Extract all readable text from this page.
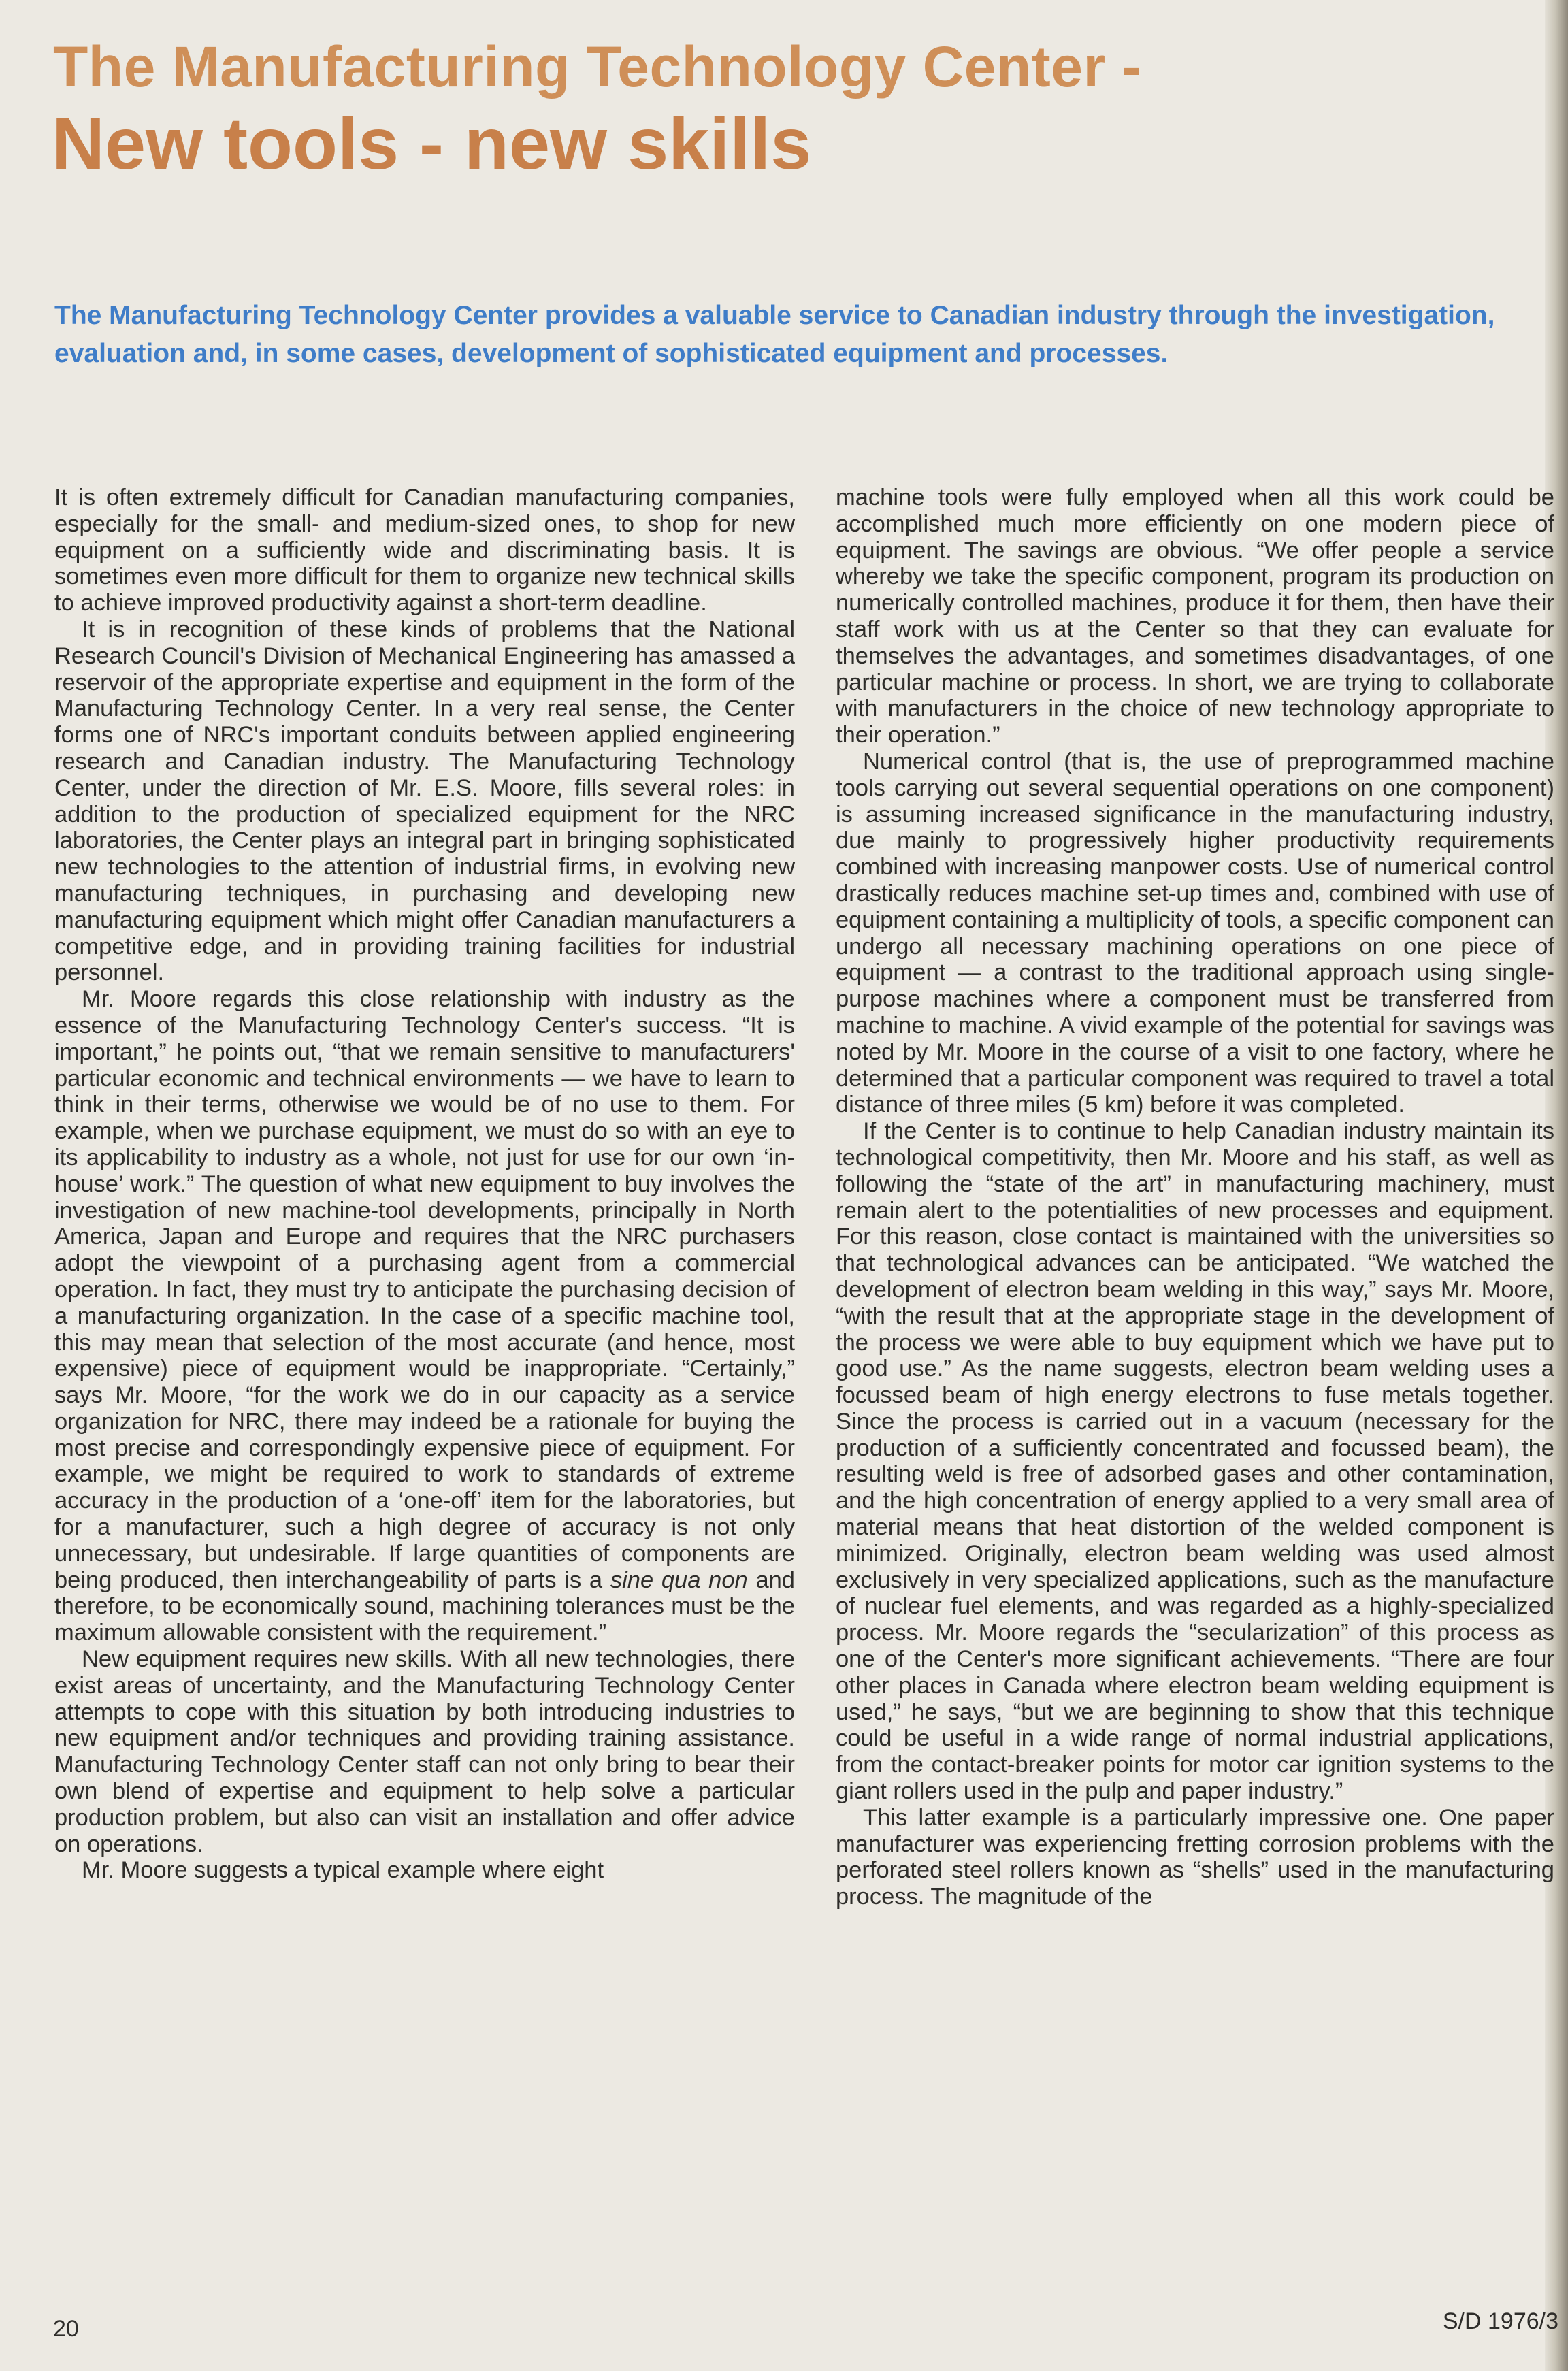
The Manufacturing Technology Center -
New tools - new skills
The Manufacturing Technology Center provides a valuable service to Canadian industry through the investigation, evaluation and, in some cases, development of sophisticated equipment and processes.

It is often extremely difficult for Canadian manufacturing companies, especially for the small- and medium-sized ones, to shop for new equipment on a sufficiently wide and discriminating basis. It is sometimes even more difficult for them to organize new technical skills to achieve improved productivity against a short-term deadline.

It is in recognition of these kinds of problems that the National Research Council's Division of Mechanical Engineering has amassed a reservoir of the appropriate expertise and equipment in the form of the Manufacturing Technology Center. In a very real sense, the Center forms one of NRC's important conduits between applied engineering research and Canadian industry. The Manufacturing Technology Center, under the direction of Mr. E.S. Moore, fills several roles: in addition to the production of specialized equipment for the NRC laboratories, the Center plays an integral part in bringing sophisticated new technologies to the attention of industrial firms, in evolving new manufacturing techniques, in purchasing and developing new manufacturing equipment which might offer Canadian manufacturers a competitive edge, and in providing training facilities for industrial personnel.

Mr. Moore regards this close relationship with industry as the essence of the Manufacturing Technology Center's success. “It is important,” he points out, “that we remain sensitive to manufacturers' particular economic and technical environments — we have to learn to think in their terms, otherwise we would be of no use to them. For example, when we purchase equipment, we must do so with an eye to its applicability to industry as a whole, not just for use for our own ‘in-house’ work.” The question of what new equipment to buy involves the investigation of new machine-tool developments, principally in North America, Japan and Europe and requires that the NRC purchasers adopt the viewpoint of a purchasing agent from a commercial operation. In fact, they must try to anticipate the purchasing decision of a manufacturing organization. In the case of a specific machine tool, this may mean that selection of the most accurate (and hence, most expensive) piece of equipment would be inappropriate. “Certainly,” says Mr. Moore, “for the work we do in our capacity as a service organization for NRC, there may indeed be a rationale for buying the most precise and correspondingly expensive piece of equipment. For example, we might be required to work to standards of extreme accuracy in the production of a ‘one-off’ item for the laboratories, but for a manufacturer, such a high degree of accuracy is not only unnecessary, but undesirable. If large quantities of components are being produced, then interchangeability of parts is a sine qua non and therefore, to be economically sound, machining tolerances must be the maximum allowable consistent with the requirement.”

New equipment requires new skills. With all new technologies, there exist areas of uncertainty, and the Manufacturing Technology Center attempts to cope with this situation by both introducing industries to new equipment and/or techniques and providing training assistance. Manufacturing Technology Center staff can not only bring to bear their own blend of expertise and equipment to help solve a particular production problem, but also can visit an installation and offer advice on operations.

Mr. Moore suggests a typical example where eight

machine tools were fully employed when all this work could be accomplished much more efficiently on one modern piece of equipment. The savings are obvious. “We offer people a service whereby we take the specific component, program its production on numerically controlled machines, produce it for them, then have their staff work with us at the Center so that they can evaluate for themselves the advantages, and sometimes disadvantages, of one particular machine or process. In short, we are trying to collaborate with manufacturers in the choice of new technology appropriate to their operation.”

Numerical control (that is, the use of preprogrammed machine tools carrying out several sequential operations on one component) is assuming increased significance in the manufacturing industry, due mainly to progressively higher productivity requirements combined with increasing manpower costs. Use of numerical control drastically reduces machine set-up times and, combined with use of equipment containing a multiplicity of tools, a specific component can undergo all necessary machining operations on one piece of equipment — a contrast to the traditional approach using single-purpose machines where a component must be transferred from machine to machine. A vivid example of the potential for savings was noted by Mr. Moore in the course of a visit to one factory, where he determined that a particular component was required to travel a total distance of three miles (5 km) before it was completed.

If the Center is to continue to help Canadian industry maintain its technological competitivity, then Mr. Moore and his staff, as well as following the “state of the art” in manufacturing machinery, must remain alert to the potentialities of new processes and equipment. For this reason, close contact is maintained with the universities so that technological advances can be anticipated. “We watched the development of electron beam welding in this way,” says Mr. Moore, “with the result that at the appropriate stage in the development of the process we were able to buy equipment which we have put to good use.” As the name suggests, electron beam welding uses a focussed beam of high energy electrons to fuse metals together. Since the process is carried out in a vacuum (necessary for the production of a sufficiently concentrated and focussed beam), the resulting weld is free of adsorbed gases and other contamination, and the high concentration of energy applied to a very small area of material means that heat distortion of the welded component is minimized. Originally, electron beam welding was used almost exclusively in very specialized applications, such as the manufacture of nuclear fuel elements, and was regarded as a highly-specialized process. Mr. Moore regards the “secularization” of this process as one of the Center's more significant achievements. “There are four other places in Canada where electron beam welding equipment is used,” he says, “but we are beginning to show that this technique could be useful in a wide range of normal industrial applications, from the contact-breaker points for motor car ignition systems to the giant rollers used in the pulp and paper industry.”

This latter example is a particularly impressive one. One paper manufacturer was experiencing fretting corrosion problems with the perforated steel rollers known as “shells” used in the manufacturing process. The magnitude of the

20	S/D 1976/3
